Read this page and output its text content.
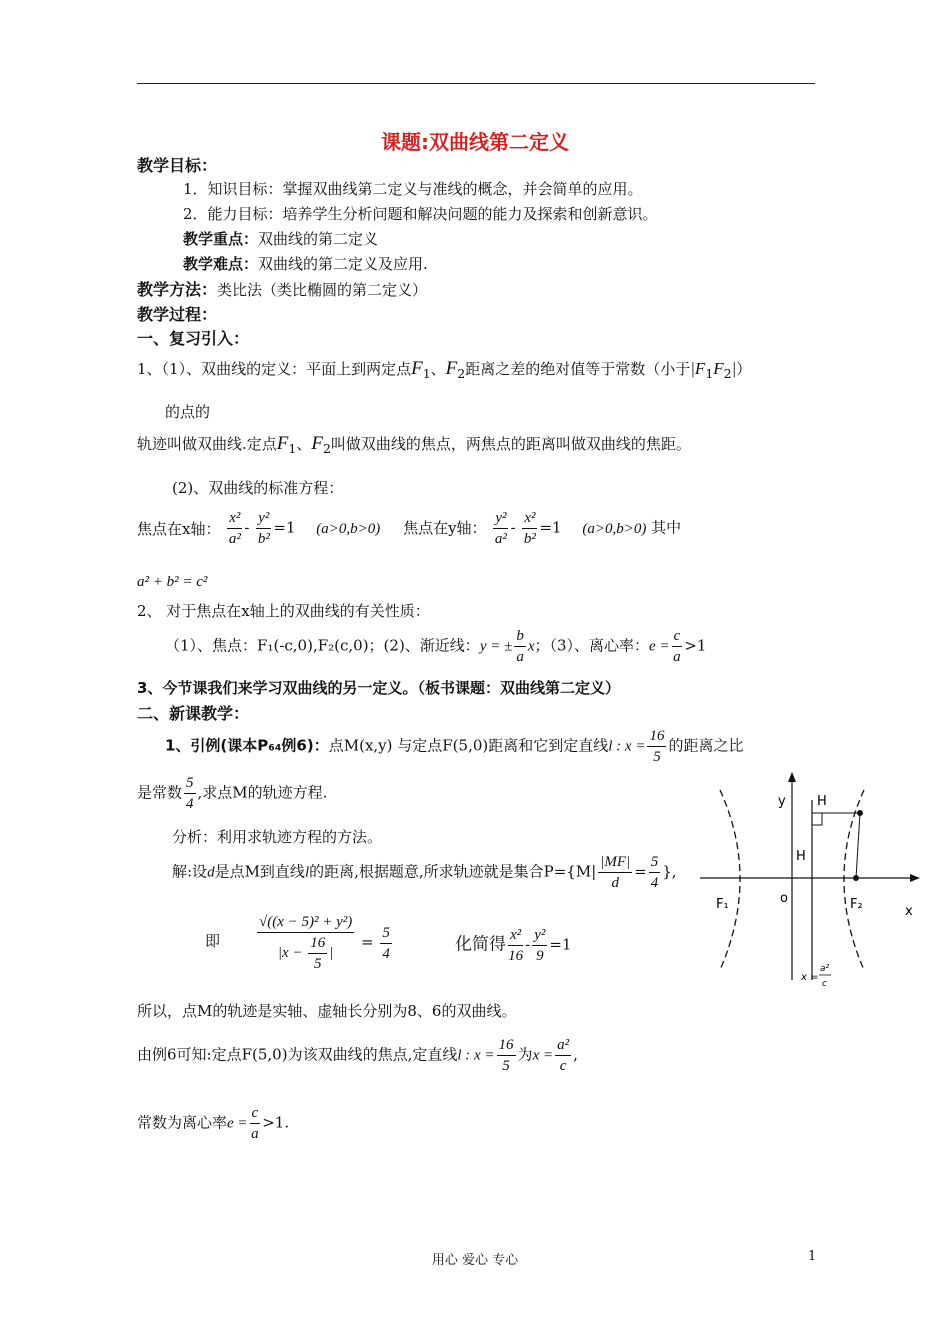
课题:双曲线第二定义
教学目标：
1．知识目标：掌握双曲线第二定义与准线的概念，并会简单的应用。
2．能力目标：培养学生分析问题和解决问题的能力及探索和创新意识。
教学重点：双曲线的第二定义
教学难点：双曲线的第二定义及应用.
教学方法：类比法（类比椭圆的第二定义）
教学过程：
一、复习引入：
1、（1）、双曲线的定义：平面上到两定点$F_1$、$F_2$距离之差的绝对值等于常数（小于$|F_1F_2|$）
的点的
轨迹叫做双曲线.定点$F_1$、$F_2$叫做双曲线的焦点，两焦点的距离叫做双曲线的焦距。
(2)、双曲线的标准方程：
焦点在x轴： $\frac{\text{x²}}{\text{a²}} - \frac{\text{y²}}{\text{b²}} =1$ (a>0,b>0) 焦点在y轴： $\frac{\text{y²}}{\text{a²}} - \frac{\text{x²}}{\text{b²}} =1$ (a>0,b>0) 其中
a² + b² = c²
2、 对于焦点在x轴上的双曲线的有关性质：
（1）、焦点：F₁(-c,0),F₂(c,0)；(2)、渐近线：y = ± $\frac{b}{a}$ x；（3）、离心率：$e = \frac{c}{a} >1$
3、今节课我们来学习双曲线的另一定义。（板书课题：双曲线第二定义）
二、新课教学：
1、引例(课本P₆₄例6)：点M(x,y) 与定点F(5,0)距离和它到定直线l : $x = \frac{16}{5}$ 的距离之比
是常数 $\frac{5}{4}$ ,求点M的轨迹方程.
分析：利用求轨迹方程的方法。
解:设d是点M到直线l的距离,根据题意,所求轨迹就是集合$P=\{M| \frac{|MF|}{d} = \frac{5}{4}$ },
即 $\frac{\text{√((x − 5)² + y²)}}{|x - \frac{16}{5} |} = \frac{5}{4}$	化简得 $\frac{\text{x²}}{16} - \frac{\text{y²}}{9} =1$
所以，点M的轨迹是实轴、虚轴长分别为8、6的双曲线。
由例6可知:定点F(5,0)为该双曲线的焦点,定直线l : $x = \frac{16}{5}$ 为$x = \frac{\text{a²}}{c}$ ,
常数为离心率$e = \frac{c}{a} >1$.
y H
H
o
F₁	F₂	x
x =
a²
c
用心 爱心 专心	1
